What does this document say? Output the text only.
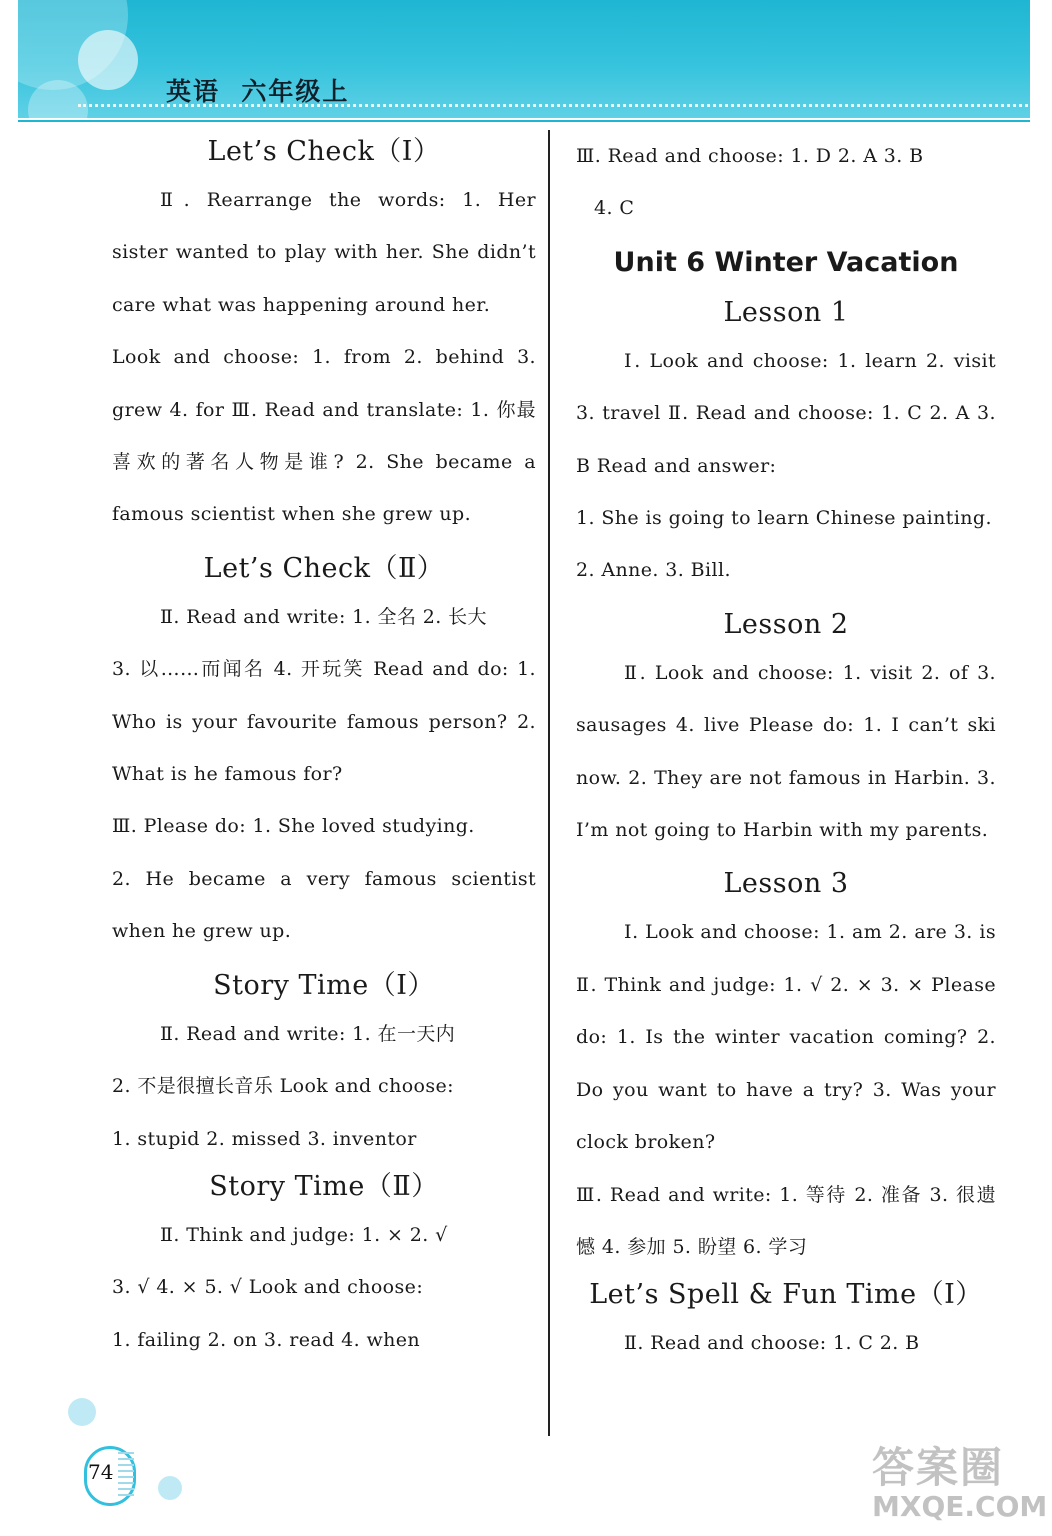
英语  六年级上
Let’s Check（Ⅰ）

Ⅱ. Rearrange the words: 1. Her sister wanted to play with her. She didn’t care what was happening around her.

Look and choose: 1. from 2. behind 3. grew 4. for Ⅲ. Read and translate: 1. 你最喜欢的著名人物是谁? 2. She became a famous scientist when she grew up.

Let’s Check（Ⅱ）

Ⅱ. Read and write: 1. 全名 2. 长大

3. 以……而闻名 4. 开玩笑 Read and do: 1. Who is your favourite famous person? 2. What is he famous for?

Ⅲ. Please do: 1. She loved studying.

2. He became a very famous scientist when he grew up.

Story Time（Ⅰ）

Ⅱ. Read and write: 1. 在一天内

2. 不是很擅长音乐 Look and choose:

1. stupid 2. missed 3. inventor

Story Time（Ⅱ）

Ⅱ. Think and judge: 1. × 2. √

3. √ 4. × 5. √ Look and choose:

1. failing 2. on 3. read 4. when

Ⅲ. Read and choose: 1. D 2. A 3. B

4. C

Unit 6 Winter Vacation
Lesson 1

Ⅰ. Look and choose: 1. learn 2. visit 3. travel Ⅱ. Read and choose: 1. C 2. A 3. B Read and answer:

1. She is going to learn Chinese painting.

2. Anne. 3. Bill.

Lesson 2

Ⅱ. Look and choose: 1. visit 2. of 3. sausages 4. live Please do: 1. I can’t ski now. 2. They are not famous in Harbin. 3. I’m not going to Harbin with my parents.

Lesson 3

Ⅰ. Look and choose: 1. am 2. are 3. is Ⅱ. Think and judge: 1. √ 2. × 3. × Please do: 1. Is the winter vacation coming? 2. Do you want to have a try? 3. Was your clock broken?

Ⅲ. Read and write: 1. 等待 2. 准备 3. 很遗憾 4. 参加 5. 盼望 6. 学习

Let’s Spell & Fun Time（Ⅰ）

Ⅱ. Read and choose: 1. C 2. B

74	答案圈
MXQE.COM
